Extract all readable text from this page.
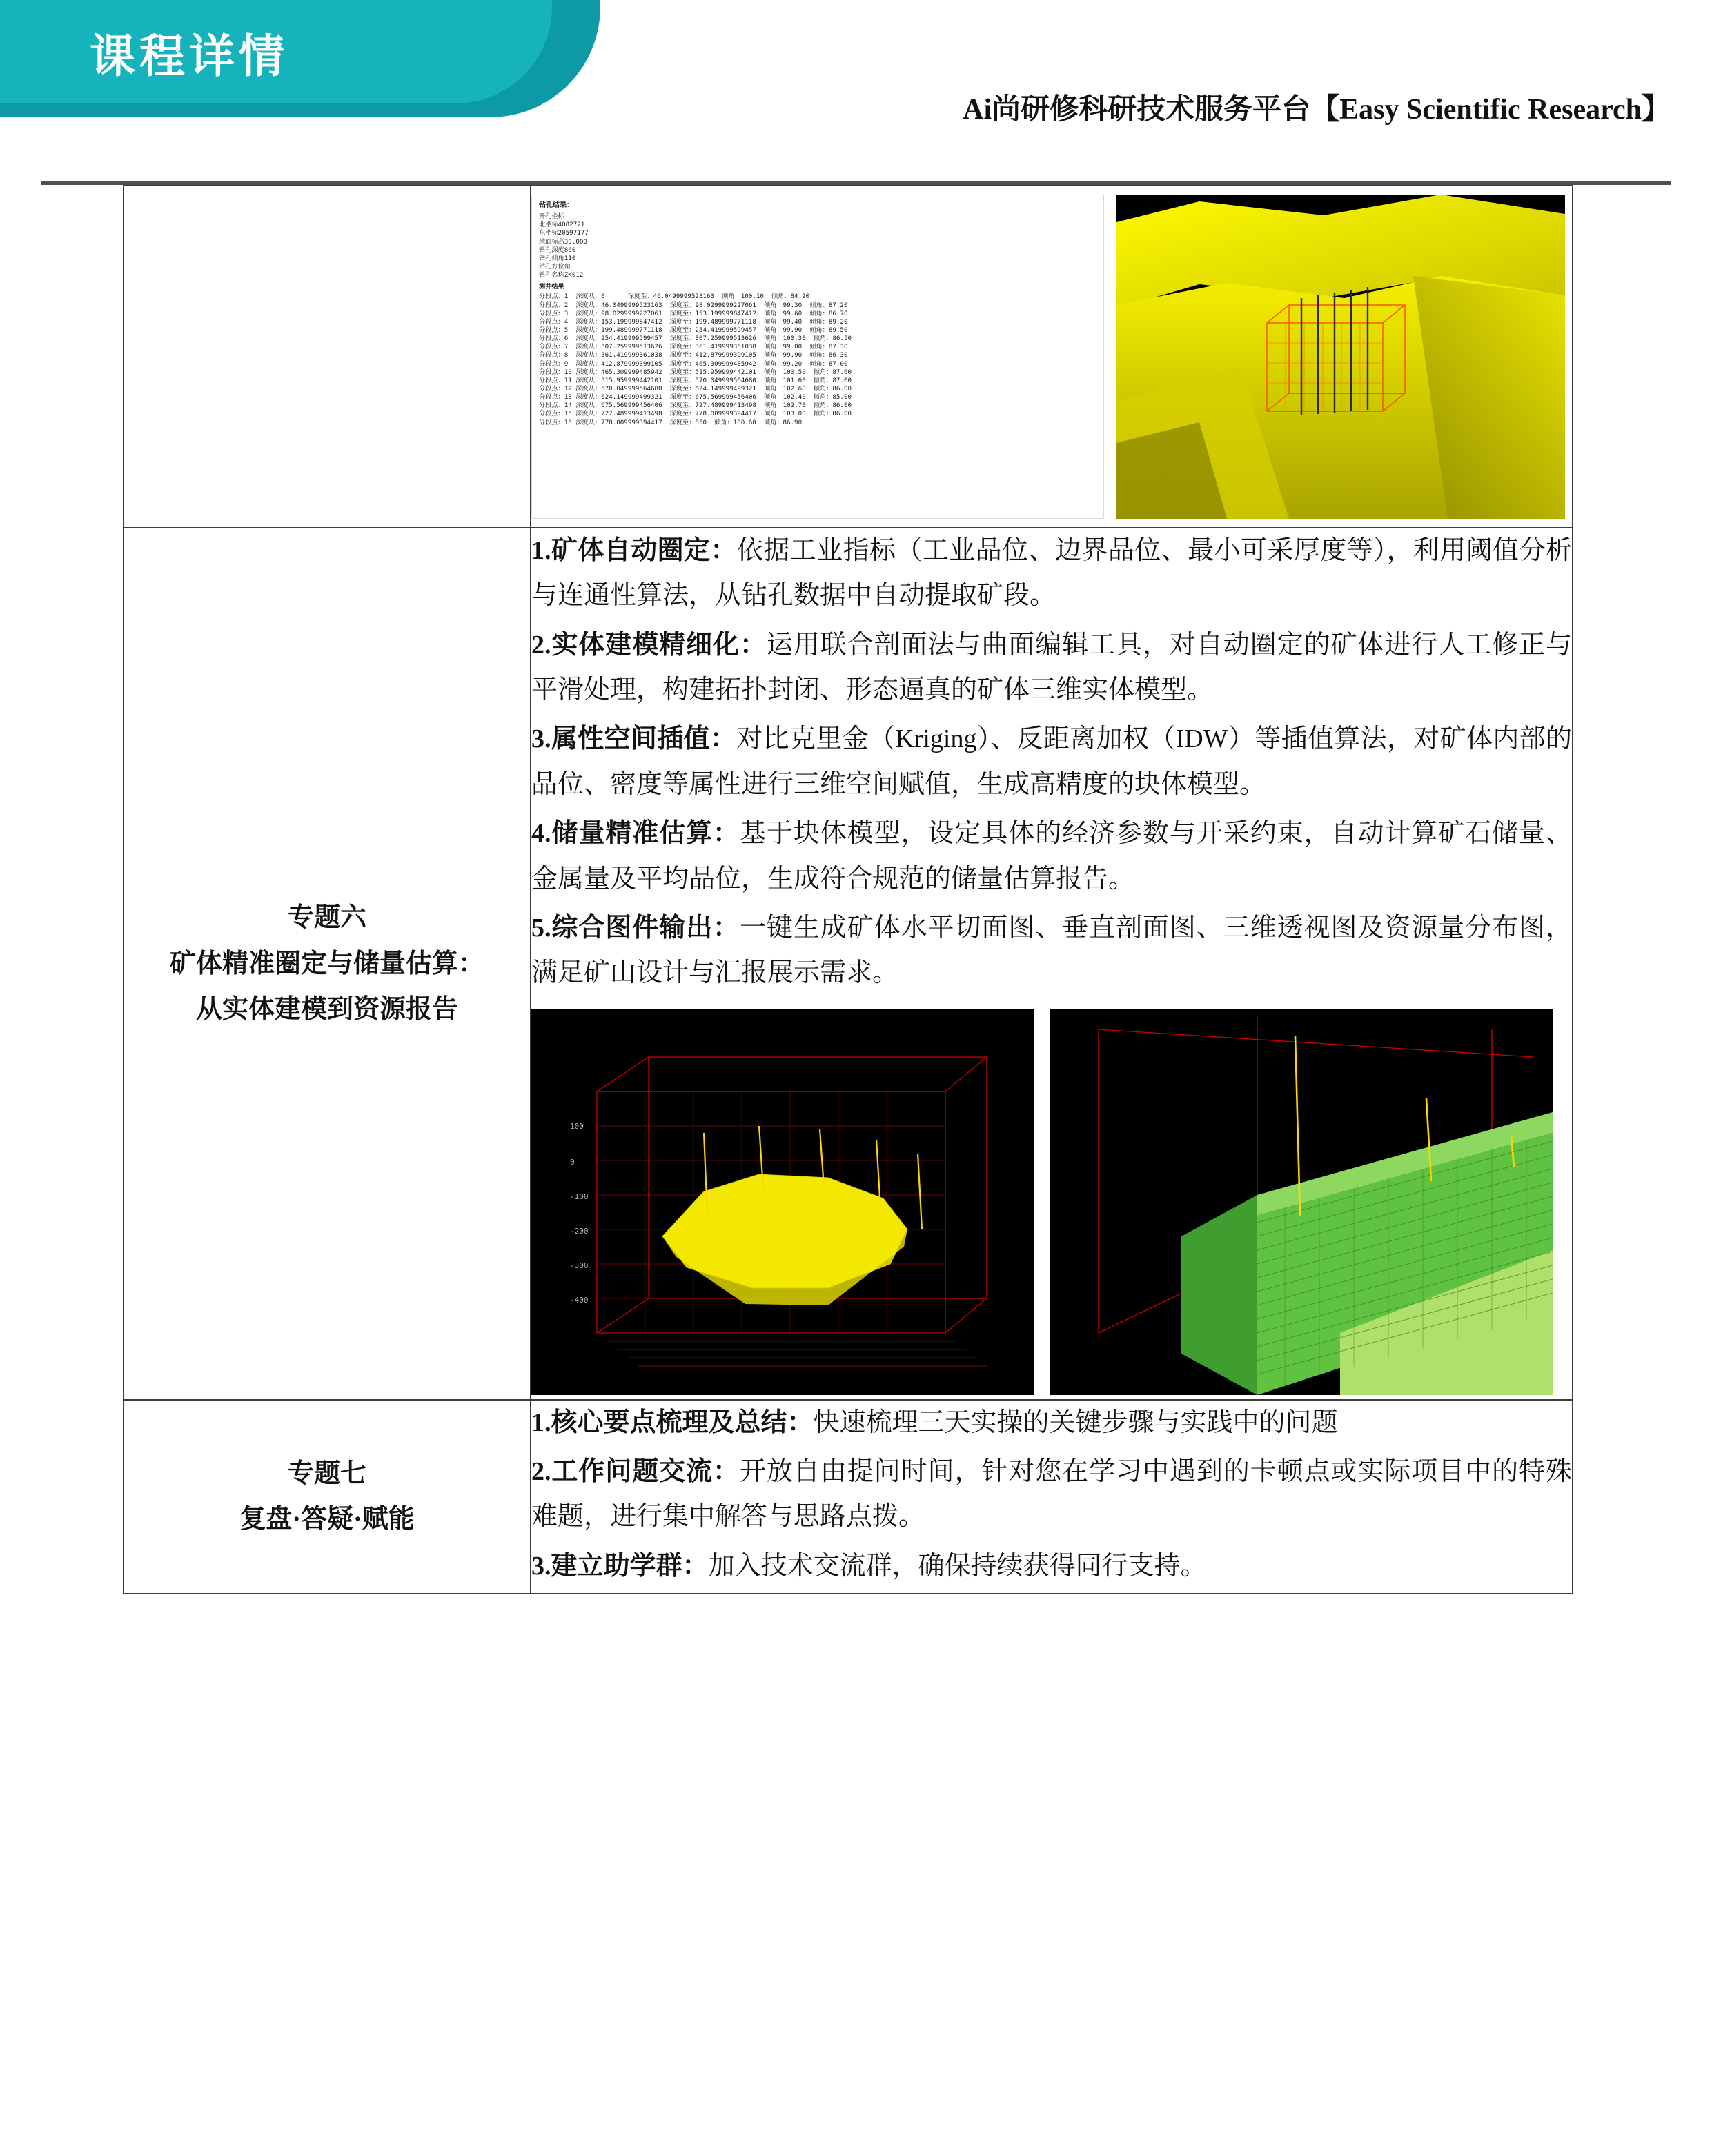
课程详情
Ai尚研修科研技术服务平台【Easy Scientific Research】

钻孔结果：
开孔坐标
北坐标4082721
东坐标20597177
地面标高30.000
钻孔深度860
钻孔倾角110
钻孔方位角
钻孔名称ZK012
测井结果
分段点：1  深度从：0      深度至：46.0499999523163  倾角：100.10  倾角：84.20
分段点：2  深度从：46.0499999523163  深度至：98.0299999227061  倾角：99.30  倾角：87.20
分段点：3  深度从：98.0299999227061  深度至：153.199999847412  倾角：99.60  倾角：86.70
分段点：4  深度从：153.199999847412  深度至：199.489999771118  倾角：99.40  倾角：89.20
分段点：5  深度从：199.489999771118  深度至：254.419999599457  倾角：99.90  倾角：89.50
分段点：6  深度从：254.419999599457  深度至：307.259999513626  倾角：100.30  倾角：86.50
分段点：7  深度从：307.259999513626  深度至：361.419999361038  倾角：99.00  倾角：87.30
分段点：8  深度从：361.419999361038  深度至：412.879999399105  倾角：99.90  倾角：86.30
分段点：9  深度从：412.879999399105  深度至：465.309999485942  倾角：99.20  倾角：87.00
分段点：10 深度从：465.309999485942  深度至：515.959999442101  倾角：100.50  倾角：87.60
分段点：11 深度从：515.959999442101  深度至：570.049999564680  倾角：101.60  倾角：87.00
分段点：12 深度从：570.049999564680  深度至：624.149999499321  倾角：102.60  倾角：86.00
分段点：13 深度从：624.149999499321  深度至：675.569999456406  倾角：102.40  倾角：85.00
分段点：14 深度从：675.569999456406  深度至：727.489999413498  倾角：102.70  倾角：86.00
分段点：15 深度从：727.489999413498  深度至：778.009999394417  倾角：103.00  倾角：86.00
分段点：16 深度从：778.009999394417  深度至：850  倾角：100.60  倾角：86.90

专题六
矿体精准圈定与储量估算：
从实体建模到资源报告

1.矿体自动圈定：依据工业指标（工业品位、边界品位、最小可采厚度等），利用阈值分析与连通性算法，从钻孔数据中自动提取矿段。

2.实体建模精细化：运用联合剖面法与曲面编辑工具，对自动圈定的矿体进行人工修正与平滑处理，构建拓扑封闭、形态逼真的矿体三维实体模型。

3.属性空间插值：对比克里金（Kriging）、反距离加权（IDW）等插值算法，对矿体内部的品位、密度等属性进行三维空间赋值，生成高精度的块体模型。

4.储量精准估算：基于块体模型，设定具体的经济参数与开采约束，自动计算矿石储量、金属量及平均品位，生成符合规范的储量估算报告。

5.综合图件输出：一键生成矿体水平切面图、垂直剖面图、三维透视图及资源量分布图，满足矿山设计与汇报展示需求。

100
0
-100
-200
-300
-400

专题七
复盘·答疑·赋能

1.核心要点梳理及总结：快速梳理三天实操的关键步骤与实践中的问题

2.工作问题交流：开放自由提问时间，针对您在学习中遇到的卡顿点或实际项目中的特殊难题，进行集中解答与思路点拨。

3.建立助学群：加入技术交流群，确保持续获得同行支持。
